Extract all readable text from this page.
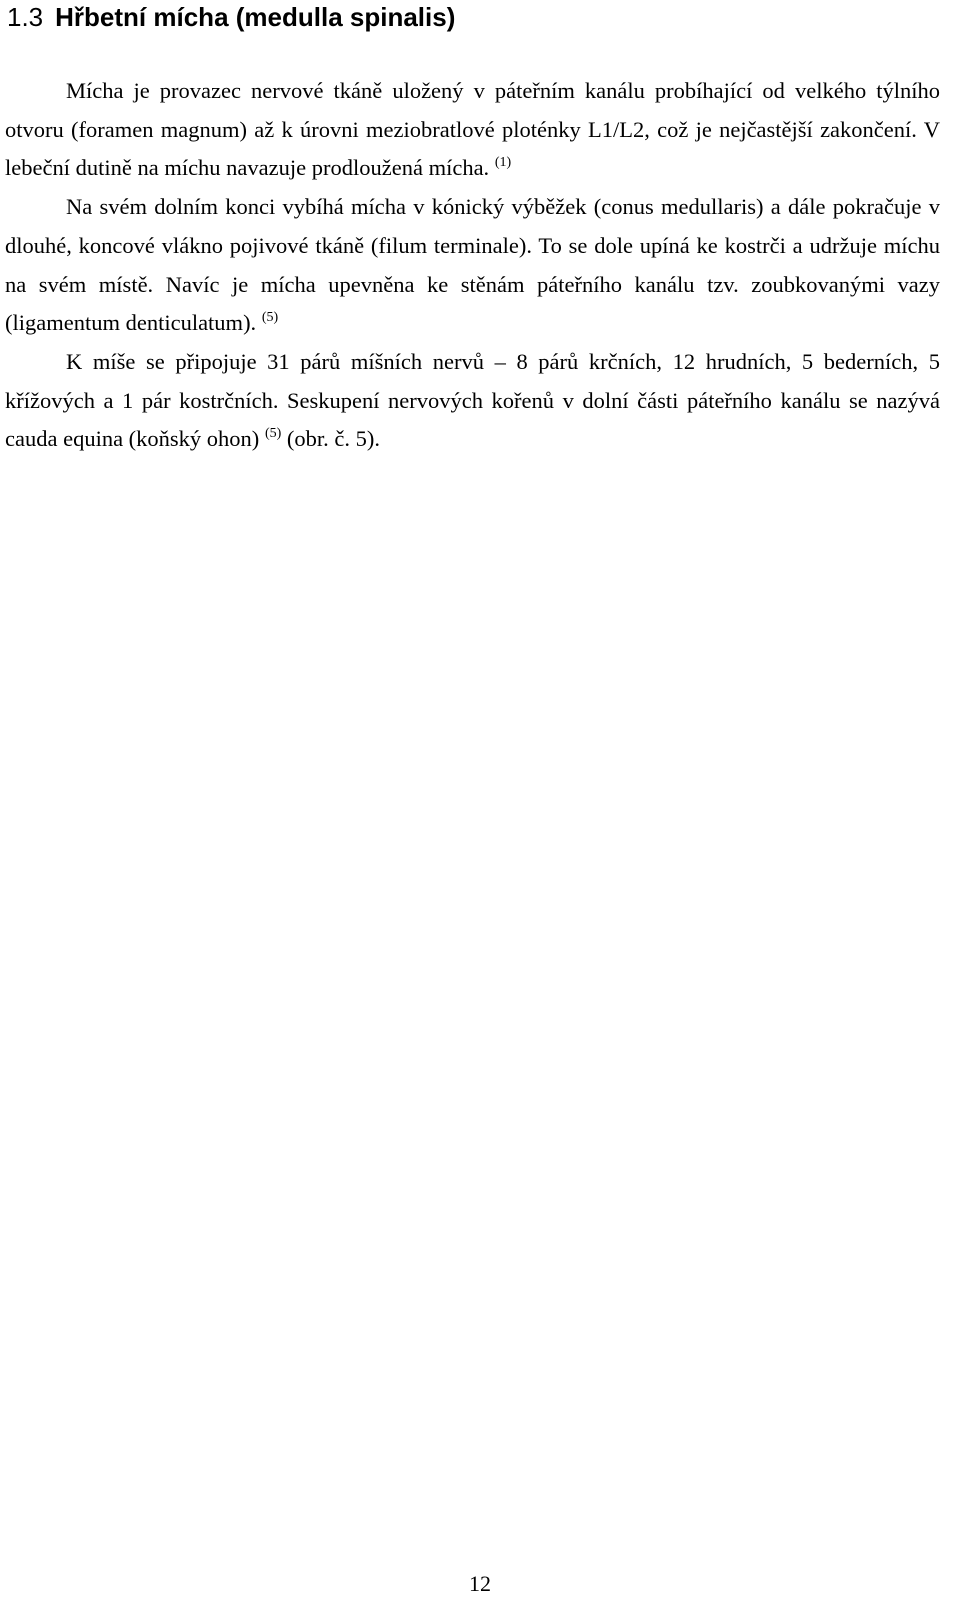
1.3 Hřbetní mícha (medulla spinalis)

Mícha je provazec nervové tkáně uložený v páteřním kanálu probíhající od velkého týlního otvoru (foramen magnum) až k úrovni meziobratlové ploténky L1/L2, což je nejčastější zakončení. V lebeční dutině na míchu navazuje prodloužená mícha. $^{(1)}$

Na svém dolním konci vybíhá mícha v kónický výběžek (conus medullaris) a dále pokračuje v dlouhé, koncové vlákno pojivové tkáně (filum terminale). To se dole upíná ke kostrči a udržuje míchu na svém místě. Navíc je mícha upevněna ke stěnám páteřního kanálu tzv. zoubkovanými vazy (ligamentum denticulatum). $^{(5)}$

K míše se připojuje 31 párů míšních nervů – 8 párů krčních, 12 hrudních, 5 bederních, 5 křížových a 1 pár kostrčních. Seskupení nervových kořenů v dolní části páteřního kanálu se nazývá cauda equina (koňský ohon) $^{(5)}$ (obr. č. 5).

12
